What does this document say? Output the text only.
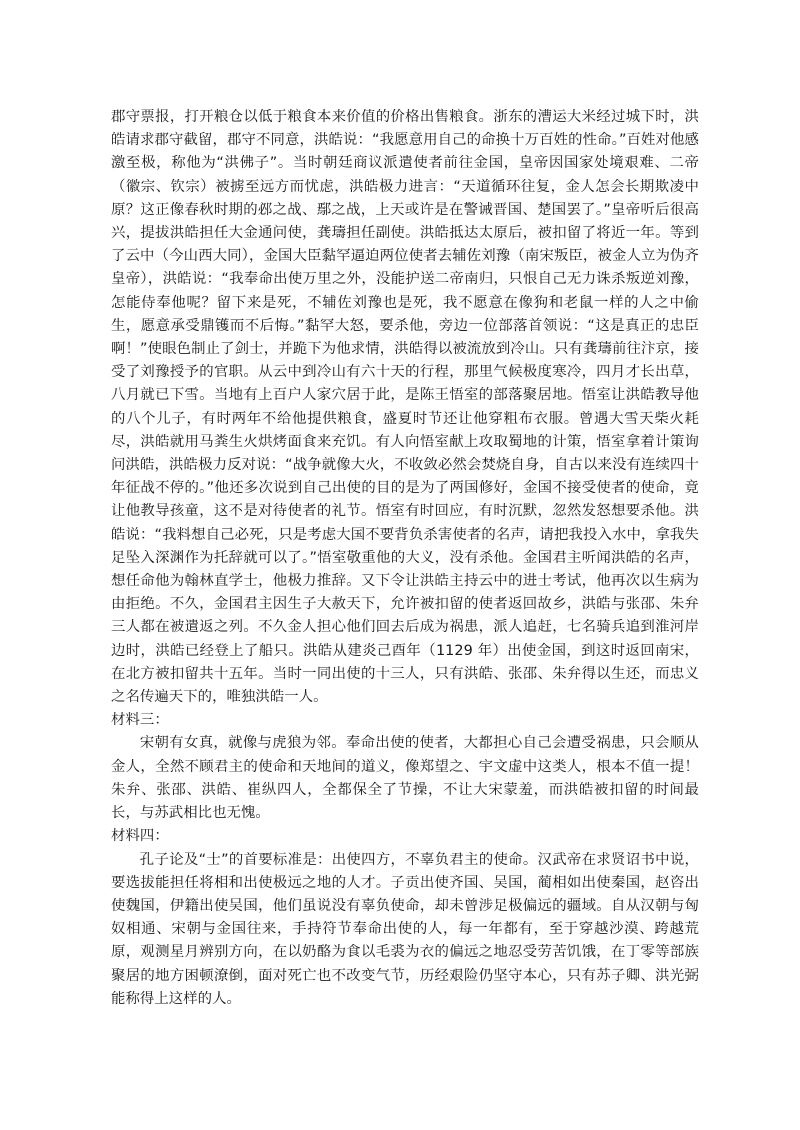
郡守票报，打开粮仓以低于粮食本来价值的价格出售粮食。浙东的漕运大米经过城下时，洪皓请求郡守截留，郡守不同意，洪皓说：“我愿意用自己的命换十万百姓的性命。”百姓对他感激至极，称他为“洪佛子”。当时朝廷商议派遣使者前往金国，皇帝因国家处境艰难、二帝（徽宗、钦宗）被掳至远方而忧虑，洪皓极力进言：“天道循环往复，金人怎会长期欺凌中原？这正像春秋时期的邲之战、鄢之战，上天或许是在警诫晋国、楚国罢了。”皇帝听后很高兴，提拔洪皓担任大金通问使，龚璹担任副使。洪皓抵达太原后，被扣留了将近一年。等到了云中（今山西大同），金国大臣黏罕逼迫两位使者去辅佐刘豫（南宋叛臣，被金人立为伪齐皇帝），洪皓说：“我奉命出使万里之外，没能护送二帝南归，只恨自己无力诛杀叛逆刘豫，怎能侍奉他呢？留下来是死，不辅佐刘豫也是死，我不愿意在像狗和老鼠一样的人之中偷生，愿意承受鼎镬而不后悔。”黏罕大怒，要杀他，旁边一位部落首领说：“这是真正的忠臣啊！”使眼色制止了剑士，并跪下为他求情，洪皓得以被流放到冷山。只有龚璹前往汴京，接受了刘豫授予的官职。从云中到冷山有六十天的行程，那里气候极度寒冷，四月才长出草，八月就已下雪。当地有上百户人家穴居于此，是陈王悟室的部落聚居地。悟室让洪皓教导他的八个儿子，有时两年不给他提供粮食，盛夏时节还让他穿粗布衣服。曾遇大雪天柴火耗尽，洪皓就用马粪生火烘烤面食来充饥。有人向悟室献上攻取蜀地的计策，悟室拿着计策询问洪皓，洪皓极力反对说：“战争就像大火，不收敛必然会焚烧自身，自古以来没有连续四十年征战不停的。”他还多次说到自己出使的目的是为了两国修好，金国不接受使者的使命，竟让他教导孩童，这不是对待使者的礼节。悟室有时回应，有时沉默，忽然发怒想要杀他。洪皓说：“我料想自己必死，只是考虑大国不要背负杀害使者的名声，请把我投入水中，拿我失足坠入深渊作为托辞就可以了。”悟室敬重他的大义，没有杀他。金国君主听闻洪皓的名声，想任命他为翰林直学士，他极力推辞。又下令让洪皓主持云中的进士考试，他再次以生病为由拒绝。不久，金国君主因生子大赦天下，允许被扣留的使者返回故乡，洪皓与张邵、朱弁三人都在被遣返之列。不久金人担心他们回去后成为祸患，派人追赶，七名骑兵追到淮河岸边时，洪皓已经登上了船只。洪皓从建炎己酉年（1129 年）出使金国，到这时返回南宋，在北方被扣留共十五年。当时一同出使的十三人，只有洪皓、张邵、朱弁得以生还，而忠义之名传遍天下的，唯独洪皓一人。

材料三：

宋朝有女真，就像与虎狼为邻。奉命出使的使者，大都担心自己会遭受祸患，只会顺从金人，全然不顾君主的使命和天地间的道义，像郑望之、宇文虚中这类人，根本不值一提！朱弁、张邵、洪皓、崔纵四人，全都保全了节操，不让大宋蒙羞，而洪皓被扣留的时间最长，与苏武相比也无愧。

材料四：

孔子论及“士”的首要标准是：出使四方，不辜负君主的使命。汉武帝在求贤诏书中说，要选拔能担任将相和出使极远之地的人才。子贡出使齐国、吴国，蔺相如出使秦国，赵咨出使魏国，伊籍出使吴国，他们虽说没有辜负使命，却未曾涉足极偏远的疆域。自从汉朝与匈奴相通、宋朝与金国往来，手持符节奉命出使的人，每一年都有，至于穿越沙漠、跨越荒原，观测星月辨别方向，在以奶酪为食以毛裘为衣的偏远之地忍受劳苦饥饿，在丁零等部族聚居的地方困顿潦倒，面对死亡也不改变气节，历经艰险仍坚守本心，只有苏子卿、洪光弼能称得上这样的人。
